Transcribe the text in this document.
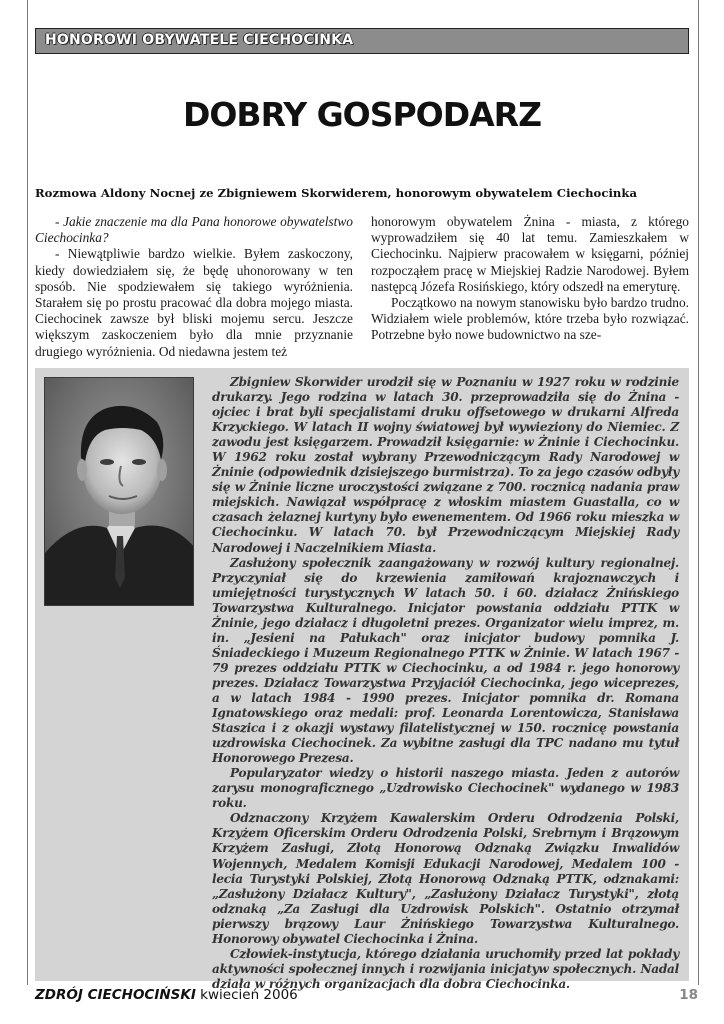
HONOROWI OBYWATELE CIECHOCINKA
DOBRY GOSPODARZ
Rozmowa Aldony Nocnej ze Zbigniewem Skorwiderem, honorowym obywatelem Ciechocinka

- Jakie znaczenie ma dla Pana honorowe obywatelstwo Ciechocinka?

- Niewątpliwie bardzo wielkie. Byłem zaskoczony, kiedy dowiedziałem się, że będę uhonorowany w ten sposób. Nie spodziewałem się takiego wyróżnienia. Starałem się po prostu pracować dla dobra mojego miasta. Ciechocinek zawsze był bliski mojemu sercu. Jeszcze większym zaskoczeniem było dla mnie przyznanie drugiego wyróżnienia. Od niedawna jestem też

honorowym obywatelem Żnina - miasta, z którego wyprowadziłem się 40 lat temu. Zamieszkałem w Ciechocinku. Najpierw pracowałem w księgarni, później rozpocząłem pracę w Miejskiej Radzie Narodowej. Byłem następcą Józefa Rosińskiego, który odszedł na emeryturę.

Początkowo na nowym stanowisku było bardzo trudno. Widziałem wiele problemów, które trzeba było rozwiązać. Potrzebne było nowe budownictwo na sze-

Zbigniew Skorwider urodził się w Poznaniu w 1927 roku w rodzinie drukarzy. Jego rodzina w latach 30. przeprowadziła się do Żnina - ojciec i brat byli specjalistami druku offsetowego w drukarni Alfreda Krzyckiego. W latach II wojny światowej był wywieziony do Niemiec. Z zawodu jest księgarzem. Prowadził księgarnie: w Żninie i Ciechocinku. W 1962 roku został wybrany Przewodniczącym Rady Narodowej w Żninie (odpowiednik dzisiejszego burmistrza). To za jego czasów odbyły się w Żninie liczne uroczystości związane z 700. rocznicą nadania praw miejskich. Nawiązał współpracę z włoskim miastem Guastalla, co w czasach żelaznej kurtyny było ewenementem. Od 1966 roku mieszka w Ciechocinku. W latach 70. był Przewodniczącym Miejskiej Rady Narodowej i Naczelnikiem Miasta.

Zasłużony społecznik zaangażowany w rozwój kultury regionalnej. Przyczyniał się do krzewienia zamiłowań krajoznawczych i umiejętności turystycznych W latach 50. i 60. działacz Żnińskiego Towarzystwa Kulturalnego. Inicjator powstania oddziału PTTK w Żninie, jego działacz i długoletni prezes. Organizator wielu imprez, m. in. „Jesieni na Pałukach" oraz inicjator budowy pomnika J. Śniadeckiego i Muzeum Regionalnego PTTK w Żninie. W latach 1967 - 79 prezes oddziału PTTK w Ciechocinku, a od 1984 r. jego honorowy prezes. Działacz Towarzystwa Przyjaciół Ciechocinka, jego wiceprezes, a w latach 1984 - 1990 prezes. Inicjator pomnika dr. Romana Ignatowskiego oraz medali: prof. Leonarda Lorentowicza, Stanisława Staszica i z okazji wystawy filatelistycznej w 150. rocznicę powstania uzdrowiska Ciechocinek. Za wybitne zasługi dla TPC nadano mu tytuł Honorowego Prezesa.

Popularyzator wiedzy o historii naszego miasta. Jeden z autorów zarysu monograficznego „Uzdrowisko Ciechocinek" wydanego w 1983 roku.

Odznaczony Krzyżem Kawalerskim Orderu Odrodzenia Polski, Krzyżem Oficerskim Orderu Odrodzenia Polski, Srebrnym i Brązowym Krzyżem Zasługi, Złotą Honorową Odznaką Związku Inwalidów Wojennych, Medalem Komisji Edukacji Narodowej, Medalem 100 - lecia Turystyki Polskiej, Złotą Honorową Odznaką PTTK, odznakami: „Zasłużony Działacz Kultury", „Zasłużony Działacz Turystyki", złotą odznaką „Za Zasługi dla Uzdrowisk Polskich". Ostatnio otrzymał pierwszy brązowy Laur Żnińskiego Towarzystwa Kulturalnego. Honorowy obywatel Ciechocinka i Żnina.

Człowiek-instytucja, którego działania uruchomiły przed lat pokłady aktywności społecznej innych i rozwijania inicjatyw społecznych. Nadal działa w różnych organizacjach dla dobra Ciechocinka.

ZDRÓJ CIECHOCIŃSKI kwiecień 2006	18
